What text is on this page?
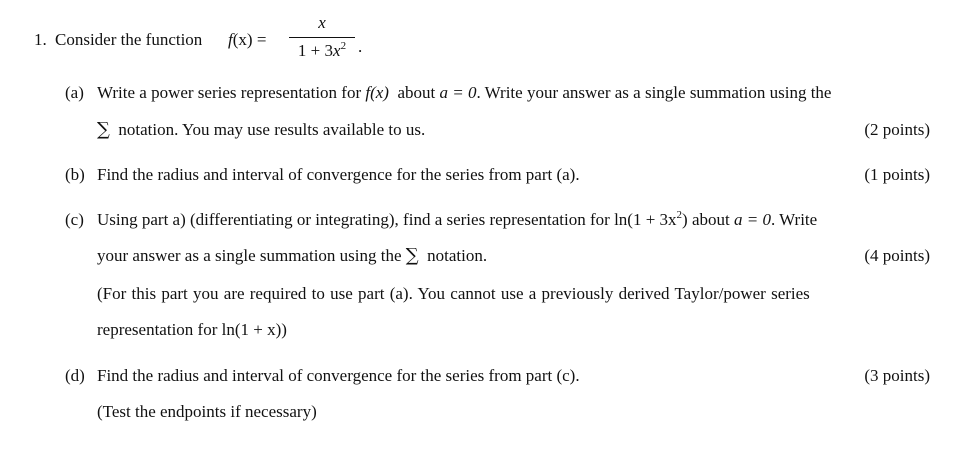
1. Consider the function f(x) =
x
$1 + 3x^2$ .
(a) Write a power series representation for f(x) about a = 0. Write your answer as a single summation using the
∑ notation. You may use results available to us.	(2 points)
(b) Find the radius and interval of convergence for the series from part (a).	(1 points)
(c) Using part a) (differentiating or integrating), find a series representation for $\ln(1 + 3x^2)$ about a = 0. Write
your answer as a single summation using the ∑ notation.	(4 points)
(For this part you are required to use part (a). You cannot use a previously derived Taylor/power series
representation for ln(1 + x))
(d) Find the radius and interval of convergence for the series from part (c).	(3 points)
(Test the endpoints if necessary)
